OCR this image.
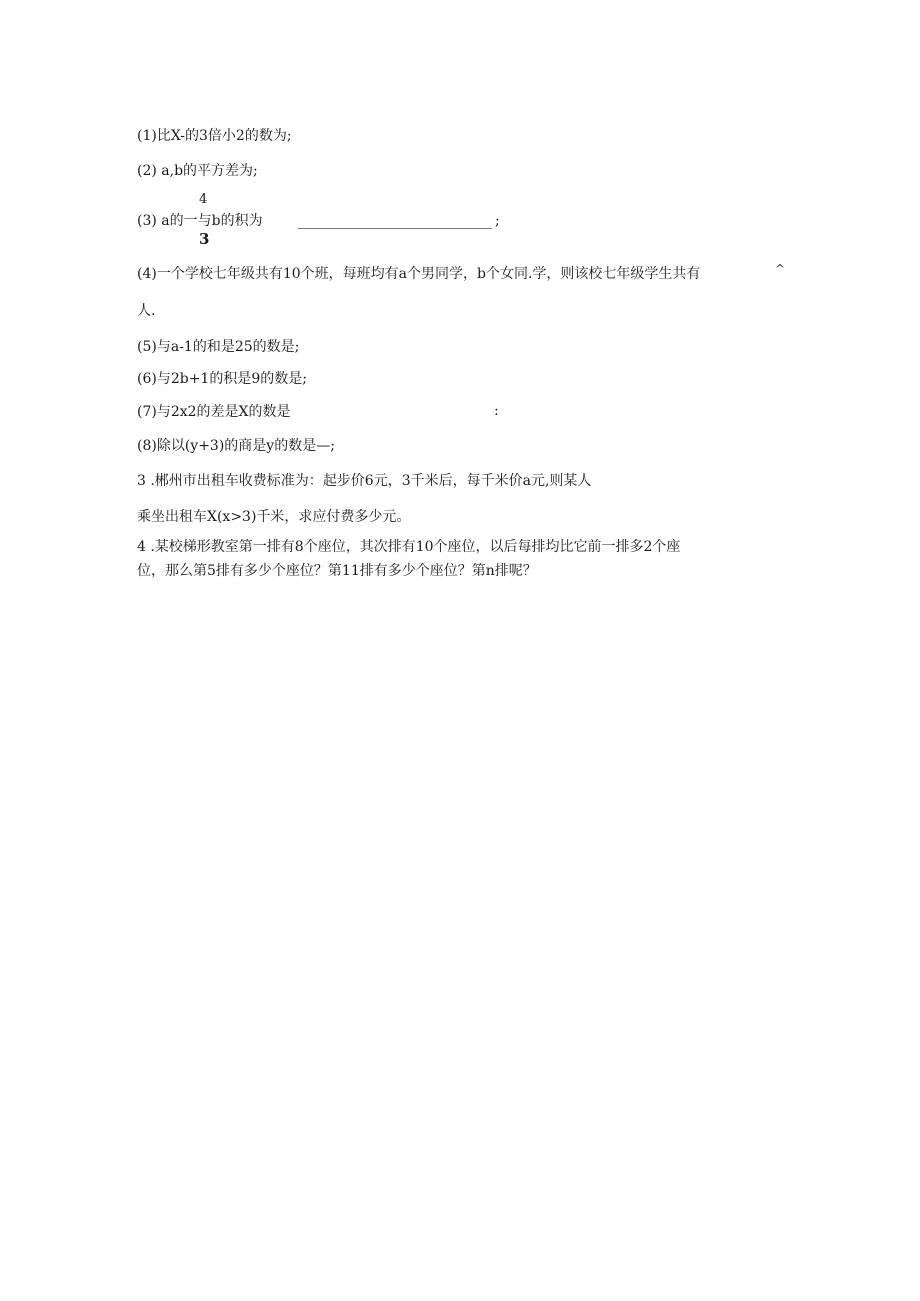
(1)比X-的3倍小2的数为;
(2) a,b的平方差为;
4
(3) a的一与b的积为
3
;
(4)一个学校七年级共有10个班，每班均有a个男同学，b个女同.学，则该校七年级学生共有	^
人.
(5)与a-1的和是25的数是;
(6)与2b+1的积是9的数是;
(7)与2x2的差是X的数是	:
(8)除以(y+3)的商是y的数是—;
3 .郴州市出租车收费标准为：起步价6元，3千米后，每千米价a元,则某人
乘坐出租车X(x>3)千米，求应付费多少元。
4 .某校梯形教室第一排有8个座位，其次排有10个座位，以后每排均比它前一排多2个座
位，那么第5排有多少个座位？第11排有多少个座位？第n排呢？
